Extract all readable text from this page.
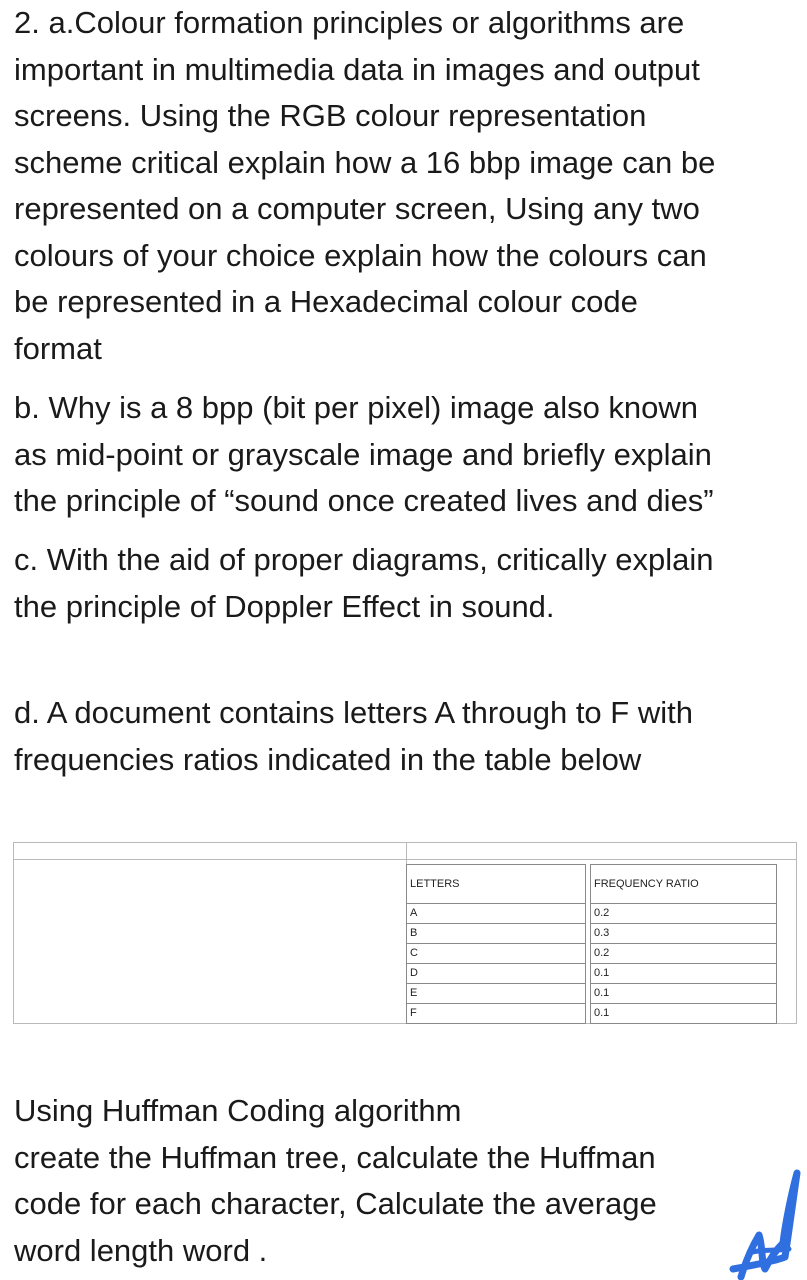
2. a.Colour formation principles or algorithms are
important in multimedia data in images and output
screens. Using the RGB colour representation
scheme critical explain how a 16 bbp image can be
represented on a computer screen, Using any two
colours of your choice explain how the colours can
be represented in a Hexadecimal colour code
format

b. Why is a 8 bpp (bit per pixel) image also known
as mid-point or grayscale image and briefly explain
the principle of “sound once created lives and dies”

c. With the aid of proper diagrams, critically explain
the principle of Doppler Effect in sound.

d. A document contains letters A through to F with
frequencies ratios indicated in the table below

LETTERS
A
B
C
D
E
F
FREQUENCY RATIO
0.2
0.3
0.2
0.1
0.1
0.1

Using Huffman Coding algorithm
create the Huffman tree, calculate the Huffman
code for each character, Calculate the average
word length word .
